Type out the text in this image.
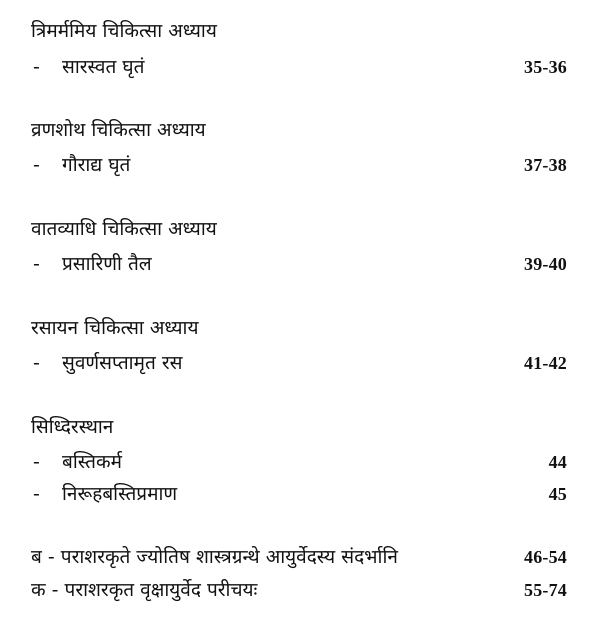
त्रिमर्ममिय चिकित्सा अध्याय
- सारस्वत घृतं	35-36
व्रणशोथ चिकित्सा अध्याय
- गौराद्य घृतं	37-38
वातव्याधि चिकित्सा अध्याय
- प्रसारिणी तैल	39-40
रसायन चिकित्सा अध्याय
- सुवर्णसप्तामृत रस	41-42
सिध्दिरस्थान
- बस्तिकर्म	44
- निरूहबस्तिप्रमाण	45
ब - पराशरकृते ज्योतिष शास्त्रग्रन्थे आयुर्वेदस्य संदर्भानि	46-54
क - पराशरकृत वृक्षायुर्वेद परीचयः	55-74
